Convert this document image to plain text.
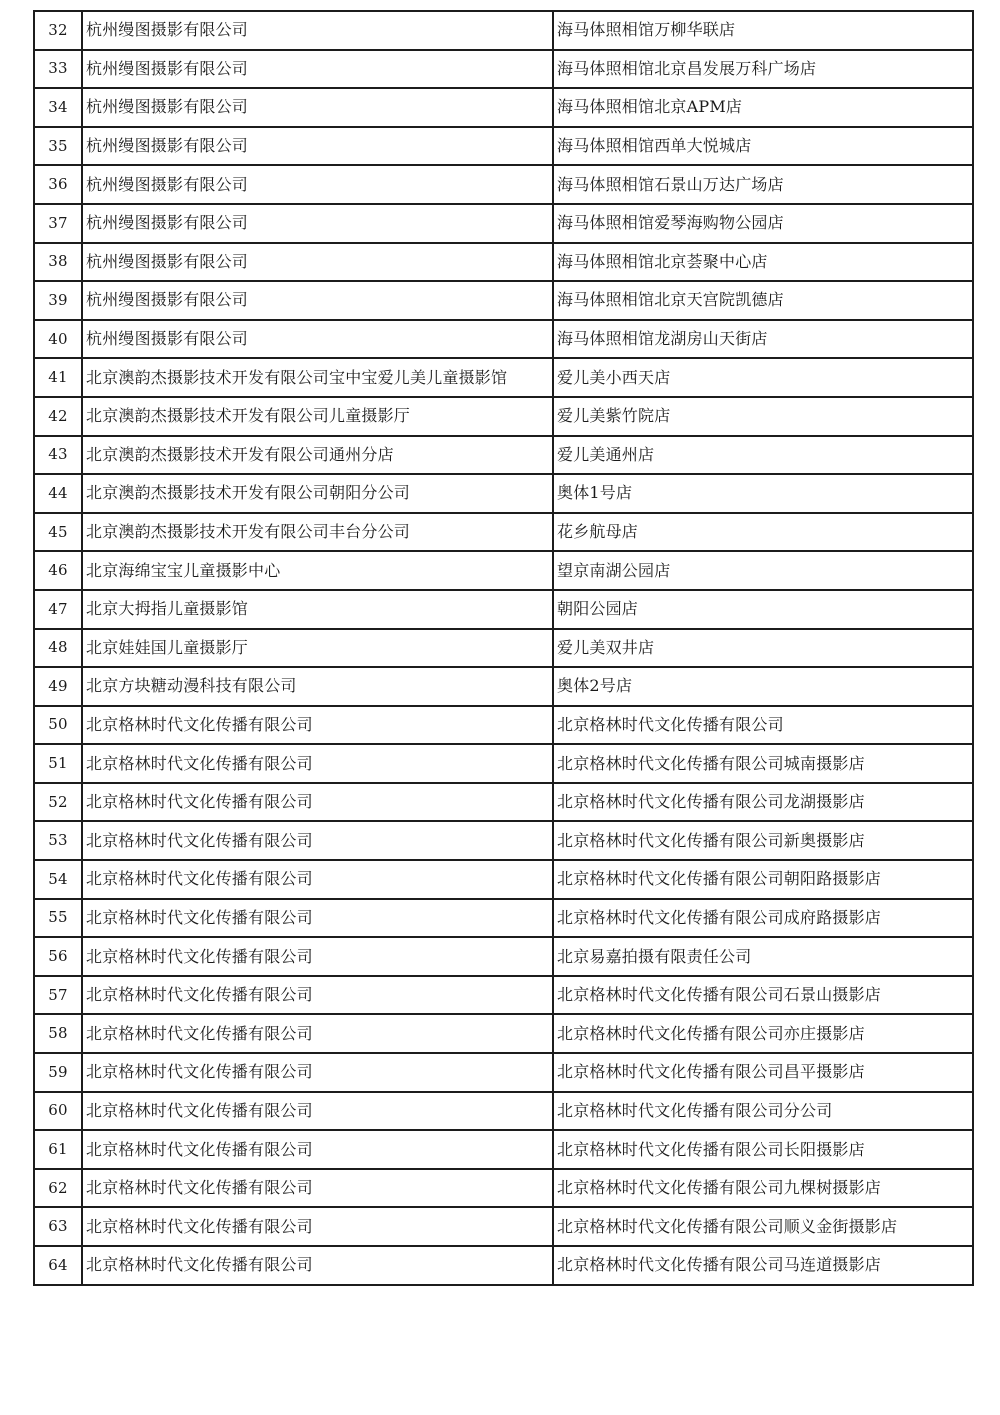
32	杭州缦图摄影有限公司	海马体照相馆万柳华联店
33	杭州缦图摄影有限公司	海马体照相馆北京昌发展万科广场店
34	杭州缦图摄影有限公司	海马体照相馆北京APM店
35	杭州缦图摄影有限公司	海马体照相馆西单大悦城店
36	杭州缦图摄影有限公司	海马体照相馆石景山万达广场店
37	杭州缦图摄影有限公司	海马体照相馆爱琴海购物公园店
38	杭州缦图摄影有限公司	海马体照相馆北京荟聚中心店
39	杭州缦图摄影有限公司	海马体照相馆北京天宫院凯德店
40	杭州缦图摄影有限公司	海马体照相馆龙湖房山天街店
41	北京澳韵杰摄影技术开发有限公司宝中宝爱儿美儿童摄影馆	爱儿美小西天店
42	北京澳韵杰摄影技术开发有限公司儿童摄影厅	爱儿美紫竹院店
43	北京澳韵杰摄影技术开发有限公司通州分店	爱儿美通州店
44	北京澳韵杰摄影技术开发有限公司朝阳分公司	奥体1号店
45	北京澳韵杰摄影技术开发有限公司丰台分公司	花乡航母店
46	北京海绵宝宝儿童摄影中心	望京南湖公园店
47	北京大拇指儿童摄影馆	朝阳公园店
48	北京娃娃国儿童摄影厅	爱儿美双井店
49	北京方块糖动漫科技有限公司	奥体2号店
50	北京格林时代文化传播有限公司	北京格林时代文化传播有限公司
51	北京格林时代文化传播有限公司	北京格林时代文化传播有限公司城南摄影店
52	北京格林时代文化传播有限公司	北京格林时代文化传播有限公司龙湖摄影店
53	北京格林时代文化传播有限公司	北京格林时代文化传播有限公司新奥摄影店
54	北京格林时代文化传播有限公司	北京格林时代文化传播有限公司朝阳路摄影店
55	北京格林时代文化传播有限公司	北京格林时代文化传播有限公司成府路摄影店
56	北京格林时代文化传播有限公司	北京易嘉拍摄有限责任公司
57	北京格林时代文化传播有限公司	北京格林时代文化传播有限公司石景山摄影店
58	北京格林时代文化传播有限公司	北京格林时代文化传播有限公司亦庄摄影店
59	北京格林时代文化传播有限公司	北京格林时代文化传播有限公司昌平摄影店
60	北京格林时代文化传播有限公司	北京格林时代文化传播有限公司分公司
61	北京格林时代文化传播有限公司	北京格林时代文化传播有限公司长阳摄影店
62	北京格林时代文化传播有限公司	北京格林时代文化传播有限公司九棵树摄影店
63	北京格林时代文化传播有限公司	北京格林时代文化传播有限公司顺义金街摄影店
64	北京格林时代文化传播有限公司	北京格林时代文化传播有限公司马连道摄影店
